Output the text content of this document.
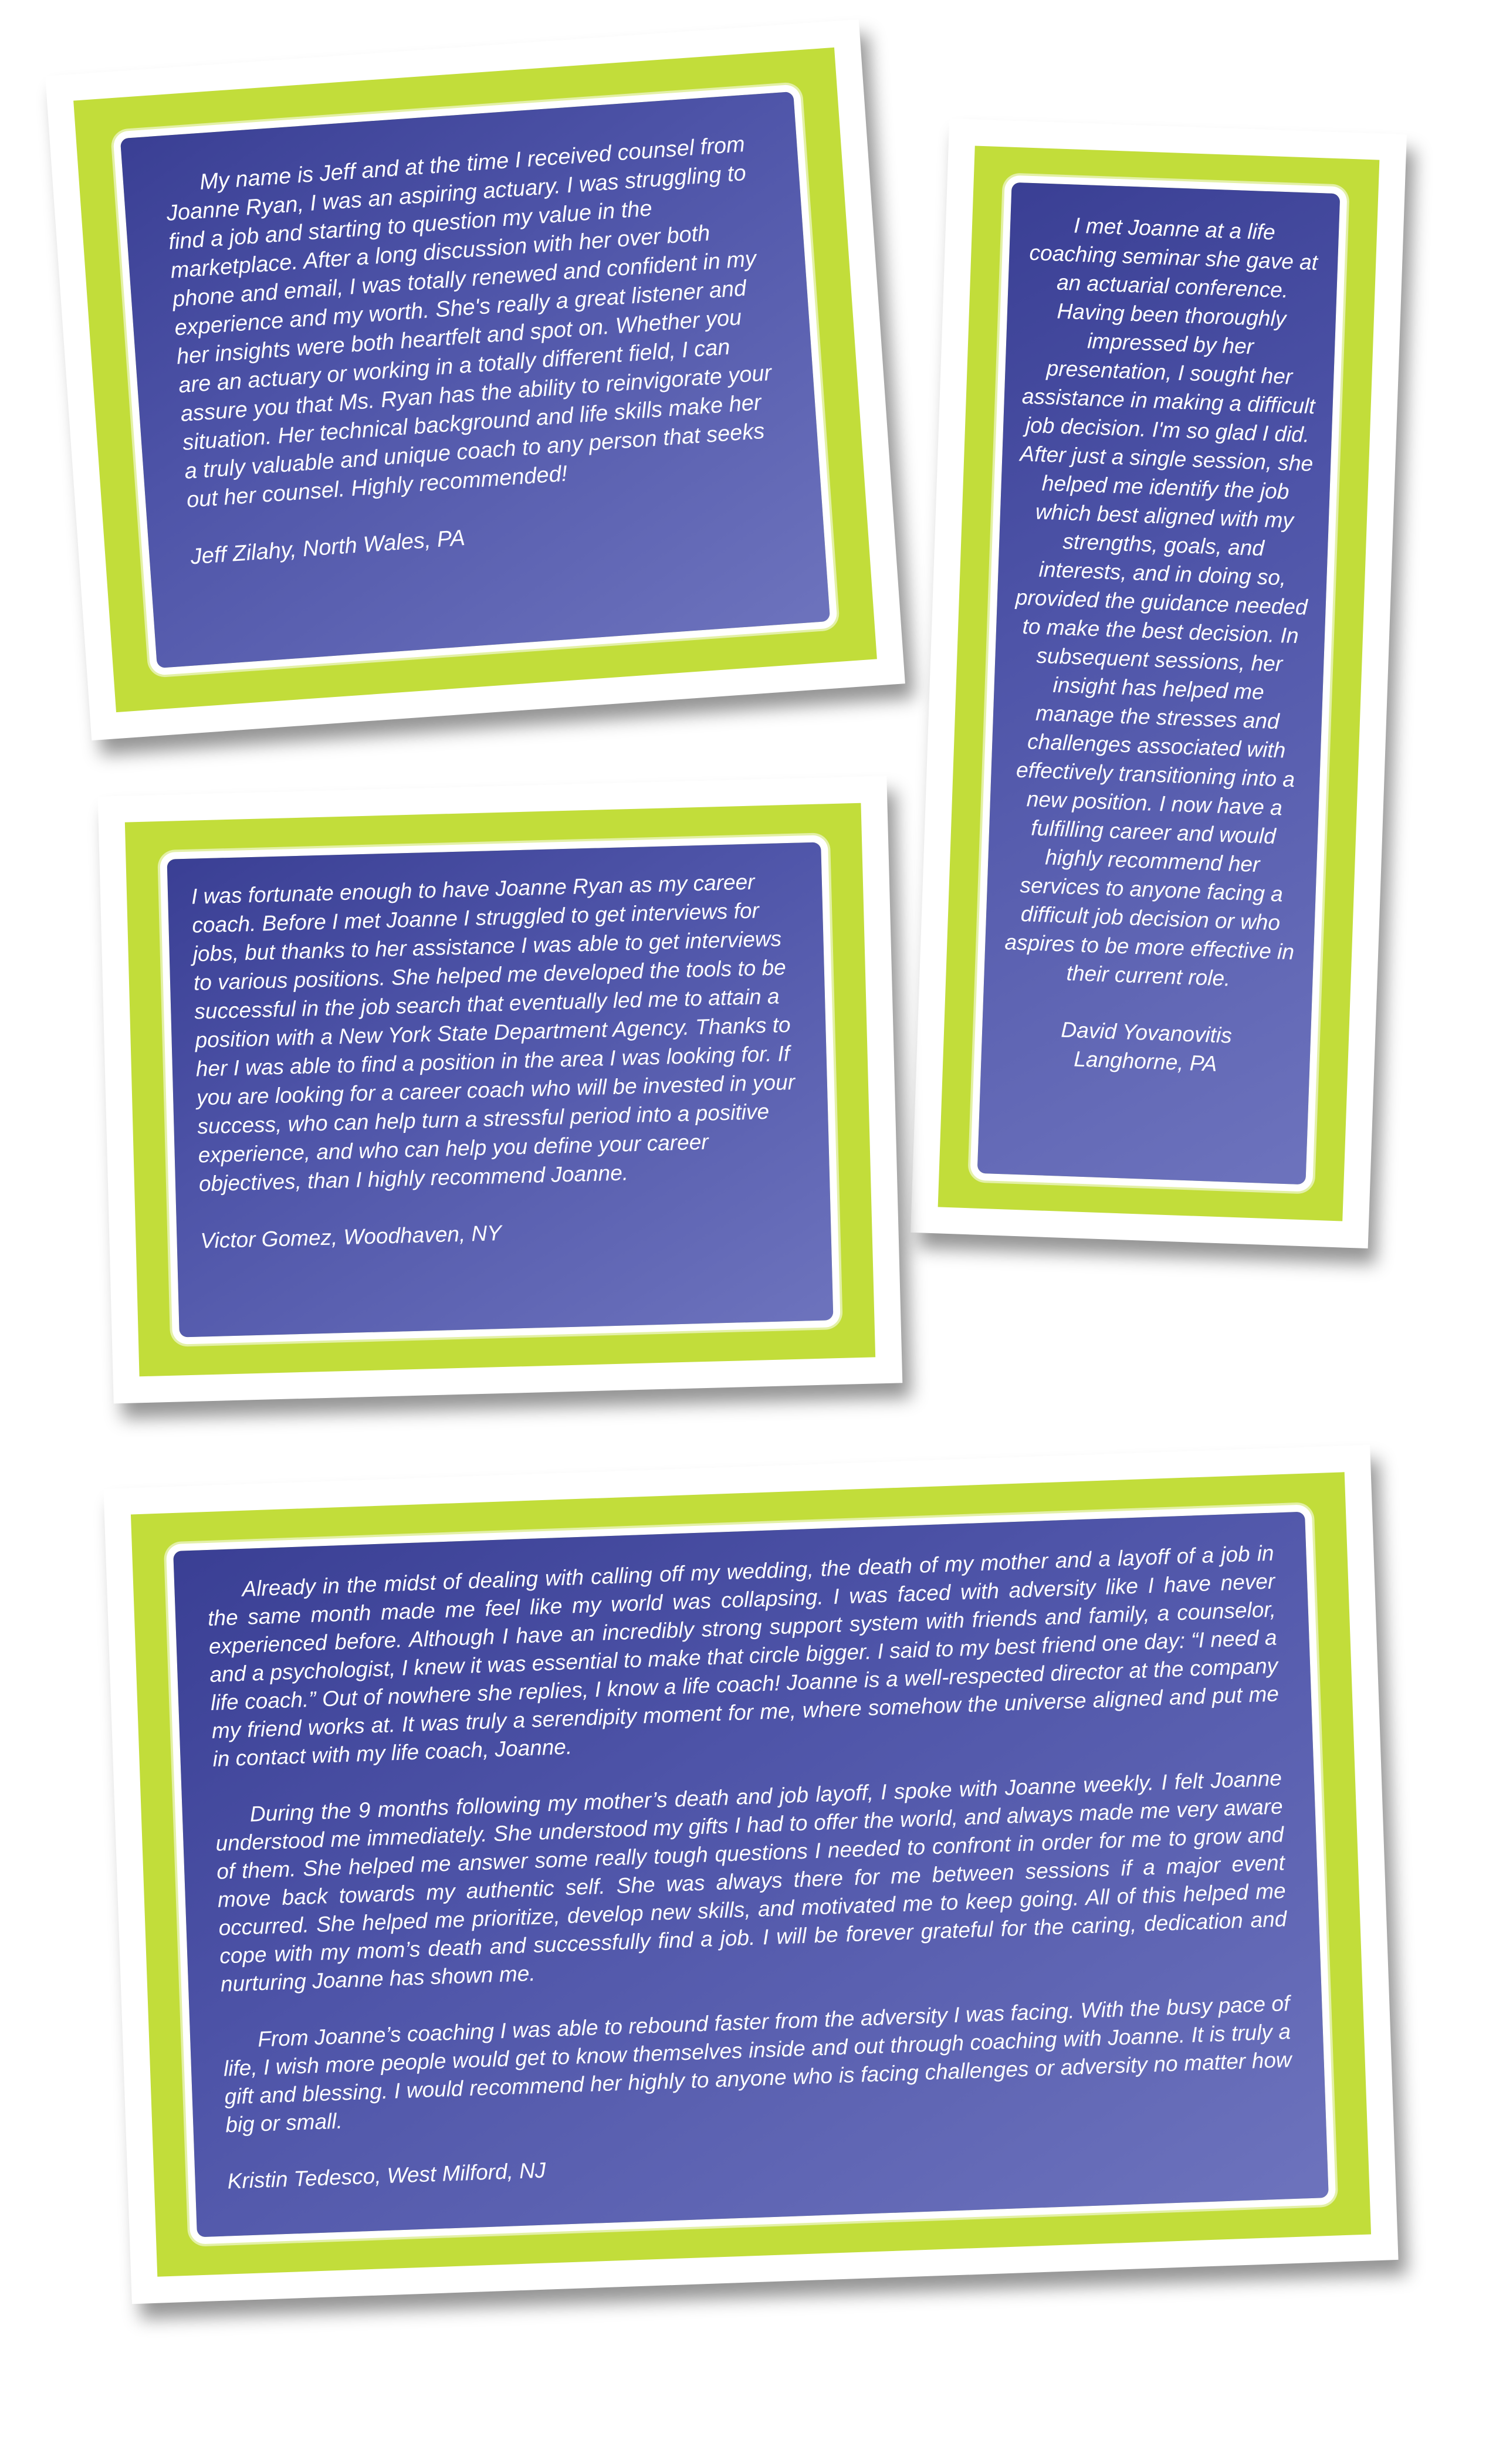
My name is Jeff and at the time I received counsel from Joanne Ryan, I was an aspiring actuary. I was struggling to find a job and starting to question my value in the marketplace. After a long discussion with her over both phone and email, I was totally renewed and confident in my experience and my worth. She's really a great listener and her insights were both heartfelt and spot on. Whether you are an actuary or working in a totally different field, I can assure you that Ms. Ryan has the ability to reinvigorate your situation. Her technical background and life skills make her a truly valuable and unique coach to any person that seeks out her counsel. Highly recommended!

Jeff Zilahy, North Wales, PA

I met Joanne at a life coaching seminar she gave at an actuarial conference. Having been thoroughly impressed by her presentation, I sought her assistance in making a difficult job decision. I'm so glad I did. After just a single session, she helped me identify the job which best aligned with my strengths, goals, and interests, and in doing so, provided the guidance needed to make the best decision. In subsequent sessions, her insight has helped me manage the stresses and challenges associated with effectively transitioning into a new position. I now have a fulfilling career and would highly recommend her services to anyone facing a difficult job decision or who aspires to be more effective in their current role.

David Yovanovitis

Langhorne, PA

I was fortunate enough to have Joanne Ryan as my career coach. Before I met Joanne I struggled to get interviews for jobs, but thanks to her assistance I was able to get interviews to various positions. She helped me developed the tools to be successful in the job search that eventually led me to attain a position with a New York State Department Agency. Thanks to her I was able to find a position in the area I was looking for. If you are looking for a career coach who will be invested in your success, who can help turn a stressful period into a positive experience, and who can help you define your career objectives, than I highly recommend Joanne.

Victor Gomez, Woodhaven, NY

Already in the midst of dealing with calling off my wedding, the death of my mother and a layoff of a job in the same month made me feel like my world was collapsing. I was faced with adversity like I have never experienced before. Although I have an incredibly strong support system with friends and family, a counselor, and a psychologist, I knew it was essential to make that circle bigger. I said to my best friend one day: “I need a life coach.” Out of nowhere she replies, I know a life coach! Joanne is a well-respected director at the company my friend works at. It was truly a serendipity moment for me, where somehow the universe aligned and put me in contact with my life coach, Joanne.

During the 9 months following my mother’s death and job layoff, I spoke with Joanne weekly. I felt Joanne understood me immediately. She understood my gifts I had to offer the world, and always made me very aware of them. She helped me answer some really tough questions I needed to confront in order for me to grow and move back towards my authentic self. She was always there for me between sessions if a major event occurred. She helped me prioritize, develop new skills, and motivated me to keep going. All of this helped me cope with my mom’s death and successfully find a job. I will be forever grateful for the caring, dedication and nurturing Joanne has shown me.

From Joanne’s coaching I was able to rebound faster from the adversity I was facing. With the busy pace of life, I wish more people would get to know themselves inside and out through coaching with Joanne. It is truly a gift and blessing. I would recommend her highly to anyone who is facing challenges or adversity no matter how big or small.

Kristin Tedesco, West Milford, NJ
